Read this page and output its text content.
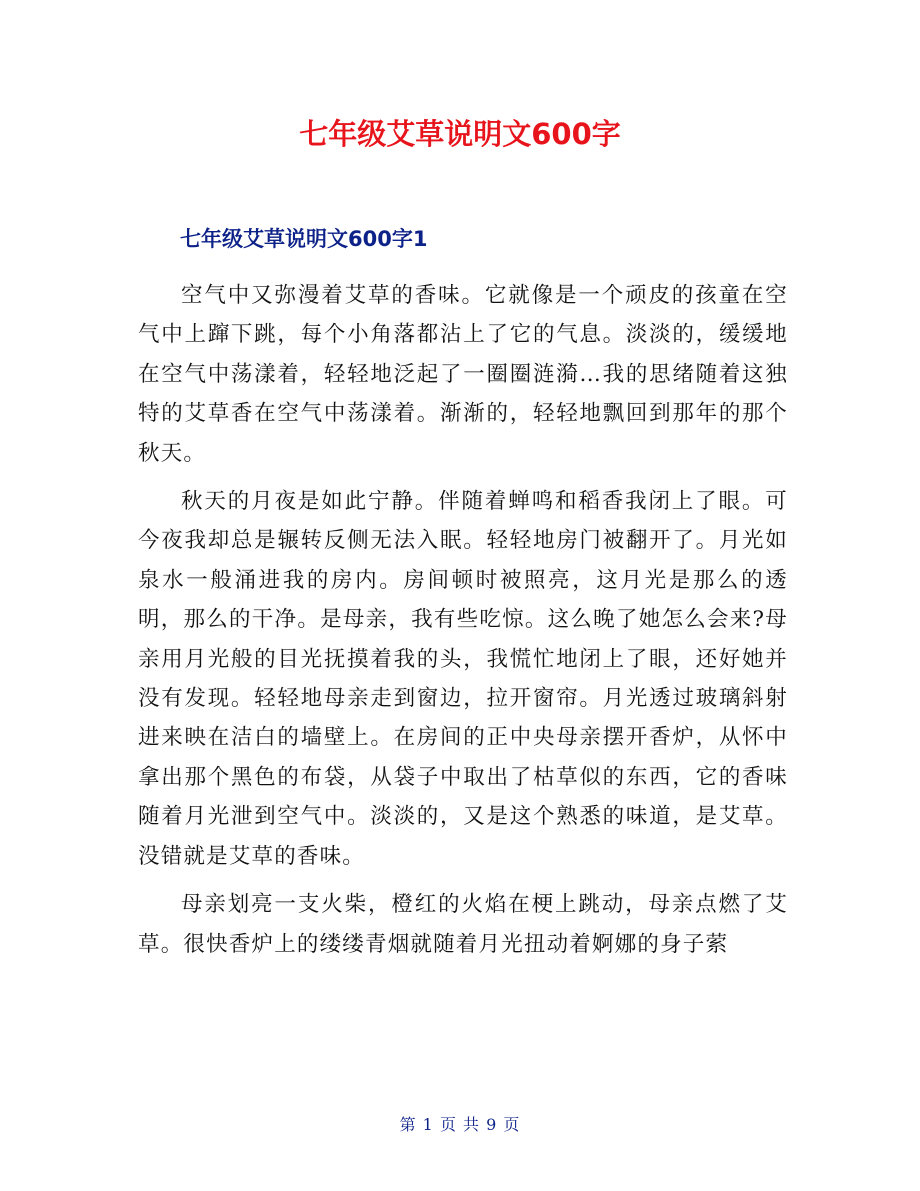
七年级艾草说明文600字
七年级艾草说明文600字1

空气中又弥漫着艾草的香味。它就像是一个顽皮的孩童在空气中上蹿下跳，每个小角落都沾上了它的气息。淡淡的，缓缓地在空气中荡漾着，轻轻地泛起了一圈圈涟漪…我的思绪随着这独特的艾草香在空气中荡漾着。渐渐的，轻轻地飘回到那年的那个秋天。

秋天的月夜是如此宁静。伴随着蝉鸣和稻香我闭上了眼。可今夜我却总是辗转反侧无法入眠。轻轻地房门被翻开了。月光如泉水一般涌进我的房内。房间顿时被照亮，这月光是那么的透明，那么的干净。是母亲，我有些吃惊。这么晚了她怎么会来?母亲用月光般的目光抚摸着我的头，我慌忙地闭上了眼，还好她并没有发现。轻轻地母亲走到窗边，拉开窗帘。月光透过玻璃斜射进来映在洁白的墙壁上。在房间的正中央母亲摆开香炉，从怀中拿出那个黑色的布袋，从袋子中取出了枯草似的东西，它的香味随着月光泄到空气中。淡淡的，又是这个熟悉的味道，是艾草。没错就是艾草的香味。

母亲划亮一支火柴，橙红的火焰在梗上跳动，母亲点燃了艾草。很快香炉上的缕缕青烟就随着月光扭动着婀娜的身子萦

第 1 页 共 9 页
